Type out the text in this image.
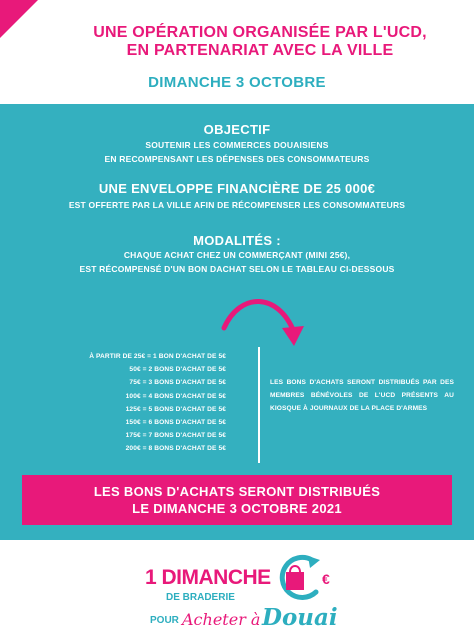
UNE OPÉRATION ORGANISÉE PAR L'UCD,
EN PARTENARIAT AVEC LA VILLE
DIMANCHE 3 OCTOBRE
OBJECTIF
SOUTENIR LES COMMERCES DOUAISIENS
EN RECOMPENSANT LES DÉPENSES DES CONSOMMATEURS
UNE ENVELOPPE FINANCIÈRE DE 25 000€
EST OFFERTE PAR LA VILLE AFIN DE RÉCOMPENSER LES CONSOMMATEURS
MODALITÉS :
CHAQUE ACHAT CHEZ UN COMMERÇANT (MINI 25€),
EST RÉCOMPENSÉ D'UN BON DACHAT SELON LE TABLEAU CI-DESSOUS
À PARTIR DE 25€ = 1 BON D'ACHAT DE 5€
50€ = 2 BONS D'ACHAT DE 5€
75€ = 3 BONS D'ACHAT DE 5€
100€ = 4 BONS D'ACHAT DE 5€
125€ = 5 BONS D'ACHAT DE 5€
150€ = 6 BONS D'ACHAT DE 5€
175€ = 7 BONS D'ACHAT DE 5€
200€ = 8 BONS D'ACHAT DE 5€
LES BONS D'ACHATS SERONT DISTRIBUÉS PAR DES MEMBRES BÉNÉVOLES DE L'UCD PRÉSENTS AU KIOSQUE À JOURNAUX DE LA PLACE D'ARMES
LES BONS D'ACHATS SERONT DISTRIBUÉS
LE DIMANCHE 3 OCTOBRE 2021
1 DIMANCHE	€
DE BRADERIE
POUR Acheter à Douai
